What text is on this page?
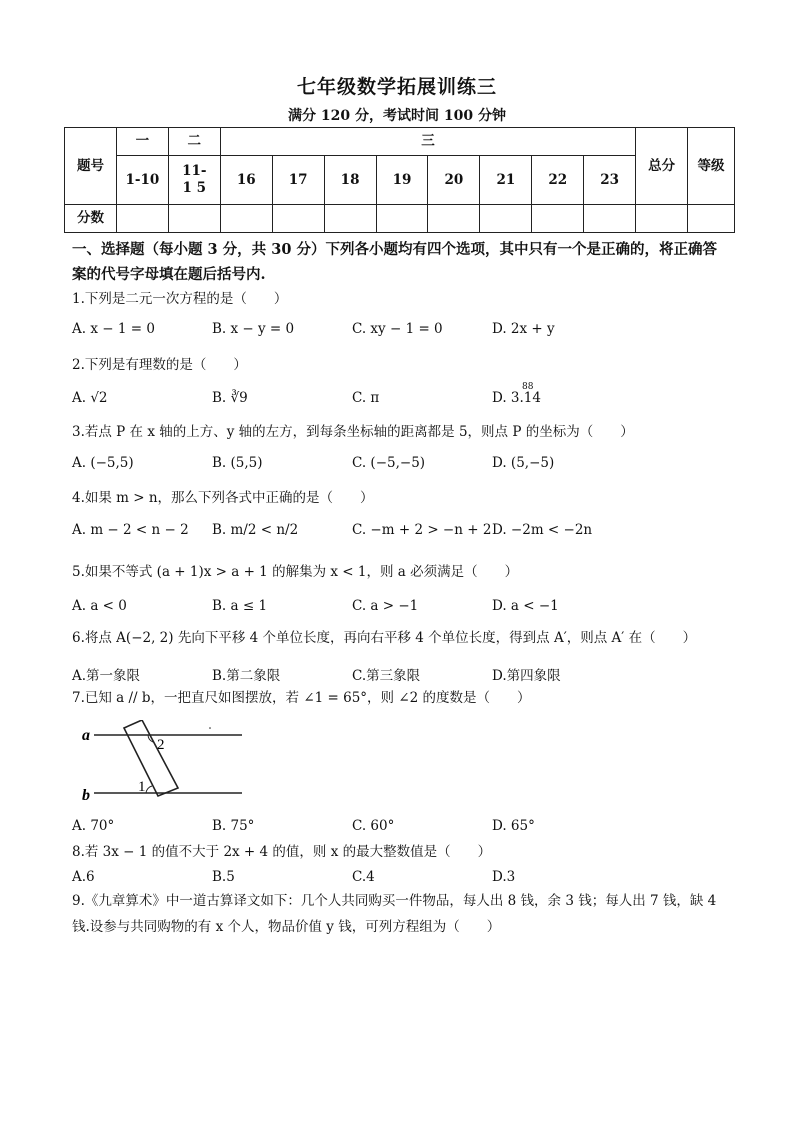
七年级数学拓展训练三
满分 120 分，考试时间 100 分钟
题号	一	二	三								总分	等级
	1-10	11-1 5	16	17	18	19	20	21	22	23		
分数												
一、选择题（每小题 3 分，共 30 分）下列各小题均有四个选项，其中只有一个是正确的，将正确答案的代号字母填在题后括号内.
1.下列是二元一次方程的是（　　）
A. x − 1 = 0	B. x − y = 0	C. xy − 1 = 0	D. 2x + y
2.下列是有理数的是（　　）
A. √2	B. ∛9	C. π	D. 3.14
88
3.若点 P 在 x 轴的上方、y 轴的左方，到每条坐标轴的距离都是 5，则点 P 的坐标为（　　）
A. (−5,5)	B. (5,5)	C. (−5,−5)	D. (5,−5)
4.如果 m > n，那么下列各式中正确的是（　　）
A. m − 2 < n − 2 B. m/2 < n/2	C. −m + 2 > −n + 2 D. −2m < −2n
5.如果不等式 (a + 1)x > a + 1 的解集为 x < 1，则 a 必须满足（　　）
A. a < 0	B. a ≤ 1	C. a > −1	D. a < −1
6.将点 A(−2, 2) 先向下平移 4 个单位长度，再向右平移 4 个单位长度，得到点 A′，则点 A′ 在（　　）
A.第一象限	B.第二象限	C.第三象限	D.第四象限
7.已知 a // b，一把直尺如图摆放，若 ∠1 = 65°，则 ∠2 的度数是（　　）
a
b	1
2
A. 70°	B. 75°	C. 60°	D. 65°
8.若 3x − 1 的值不大于 2x + 4 的值，则 x 的最大整数值是（　　）
A.6	B.5	C.4	D.3
9.《九章算术》中一道古算译文如下：几个人共同购买一件物品，每人出 8 钱，余 3 钱；每人出 7 钱，缺 4 钱.设参与共同购物的有 x 个人，物品价值 y 钱，可列方程组为（　　）
